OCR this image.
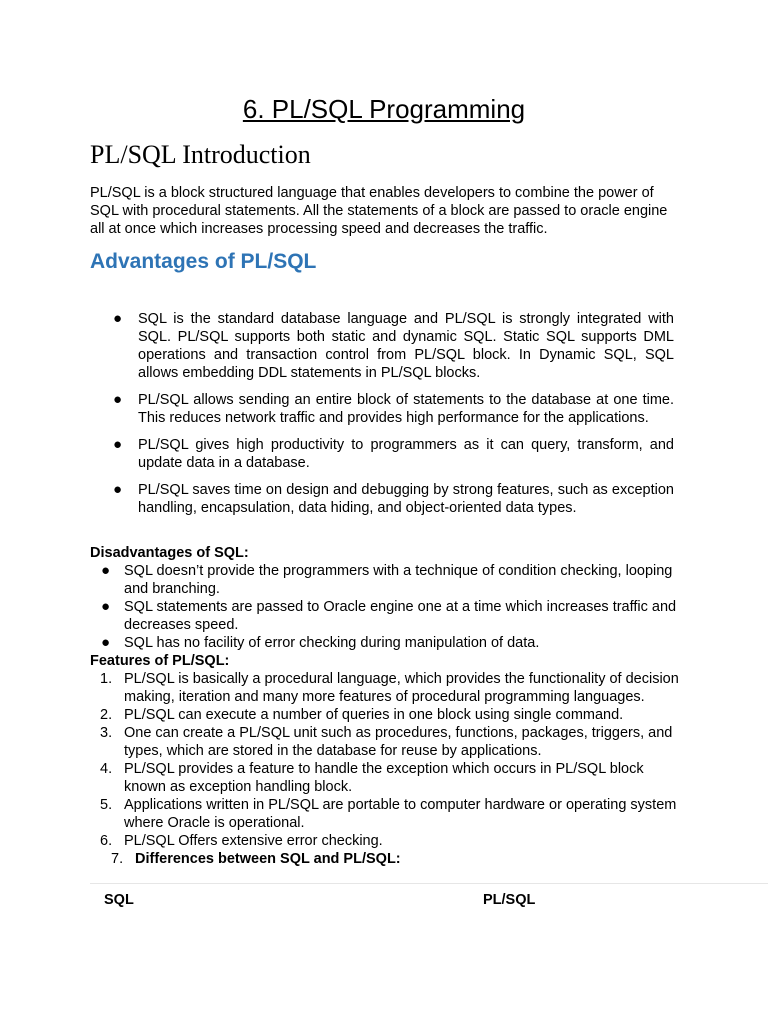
6. PL/SQL Programming
PL/SQL Introduction

PL/SQL is a block structured language that enables developers to combine the power of SQL with procedural statements. All the statements of a block are passed to oracle engine all at once which increases processing speed and decreases the traffic.

Advantages of PL/SQL
● SQL is the standard database language and PL/SQL is strongly integrated with SQL. PL/SQL supports both static and dynamic SQL. Static SQL supports DML operations and transaction control from PL/SQL block. In Dynamic SQL, SQL allows embedding DDL statements in PL/SQL blocks.
● PL/SQL allows sending an entire block of statements to the database at one time. This reduces network traffic and provides high performance for the applications.
● PL/SQL gives high productivity to programmers as it can query, transform, and update data in a database.
● PL/SQL saves time on design and debugging by strong features, such as exception handling, encapsulation, data hiding, and object-oriented data types.

Disadvantages of SQL:

● SQL doesn’t provide the programmers with a technique of condition checking, looping and branching.
● SQL statements are passed to Oracle engine one at a time which increases traffic and decreases speed.
● SQL has no facility of error checking during manipulation of data.

Features of PL/SQL:

1. PL/SQL is basically a procedural language, which provides the functionality of decision making, iteration and many more features of procedural programming languages.
2. PL/SQL can execute a number of queries in one block using single command.
3. One can create a PL/SQL unit such as procedures, functions, packages, triggers, and types, which are stored in the database for reuse by applications.
4. PL/SQL provides a feature to handle the exception which occurs in PL/SQL block known as exception handling block.
5. Applications written in PL/SQL are portable to computer hardware or operating system where Oracle is operational.
6. PL/SQL Offers extensive error checking.
7. Differences between SQL and PL/SQL:
SQL	PL/SQL
